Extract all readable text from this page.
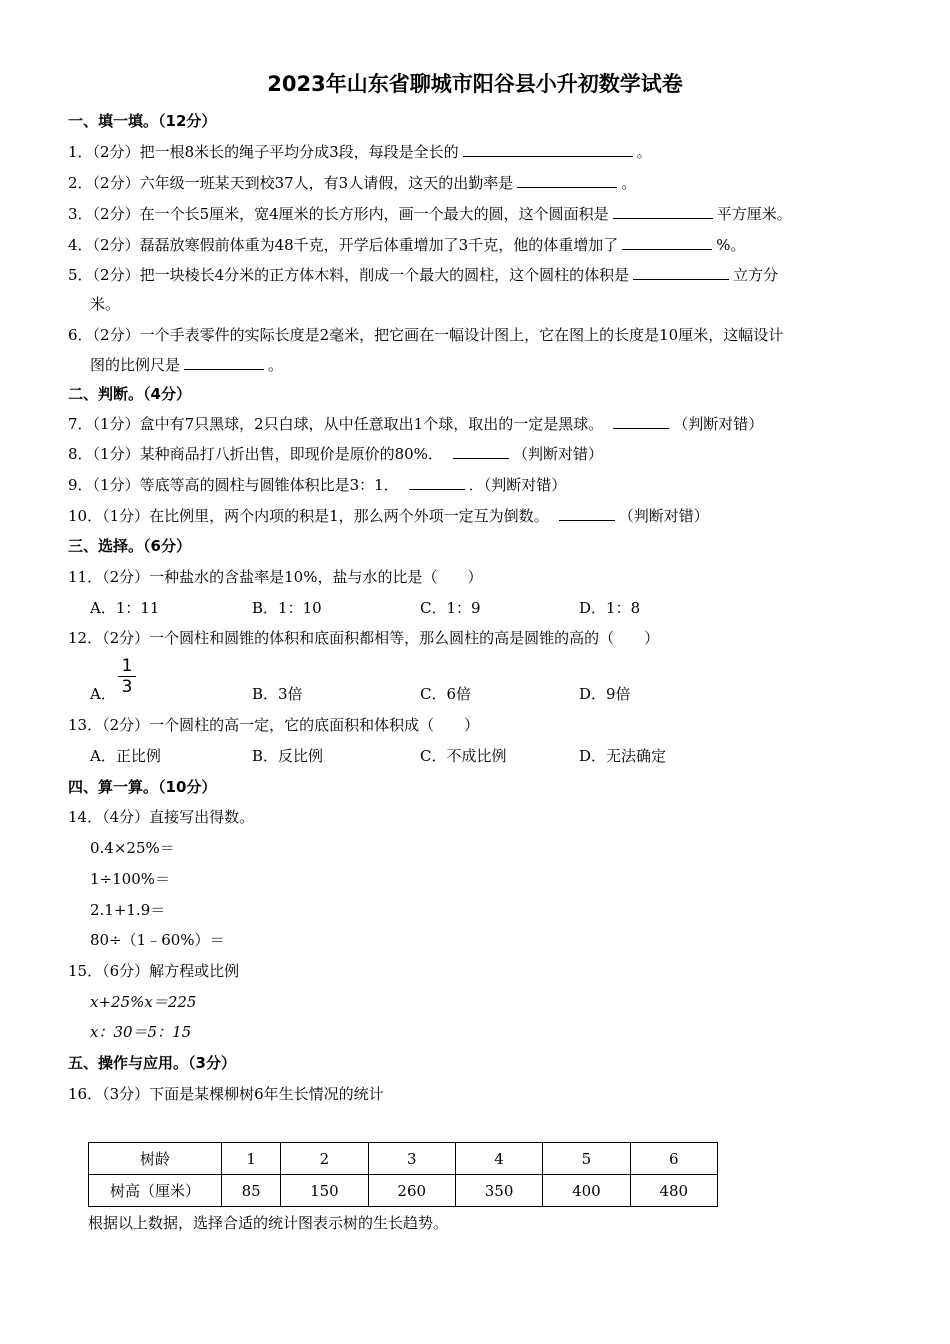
2023年山东省聊城市阳谷县小升初数学试卷
一、填一填。（12分）
1．（2分）把一根8米长的绳子平均分成3段，每段是全长的	。
2．（2分）六年级一班某天到校37人，有3人请假，这天的出勤率是	。
3．（2分）在一个长5厘米，宽4厘米的长方形内，画一个最大的圆，这个圆面积是	平方厘米。
4．（2分）磊磊放寒假前体重为48千克，开学后体重增加了3千克，他的体重增加了	%。
5．（2分）把一块棱长4分米的正方体木料，削成一个最大的圆柱，这个圆柱的体积是	立方分
米。
6．（2分）一个手表零件的实际长度是2毫米，把它画在一幅设计图上，它在图上的长度是10厘米，这幅设计
图的比例尺是	。
二、判断。（4分）
7．（1分）盒中有7只黑球，2只白球，从中任意取出1个球，取出的一定是黑球。	（判断对错）
8．（1分）某种商品打八折出售，即现价是原价的80%．	（判断对错）
9．（1分）等底等高的圆柱与圆锥体积比是3：1．	．（判断对错）
10．（1分）在比例里，两个内项的积是1，那么两个外项一定互为倒数。	（判断对错）
三、选择。（6分）
11．（2分）一种盐水的含盐率是10%，盐与水的比是（　　）
A．1：11	B．1：10	C．1：9	D．1：8
12．（2分）一个圆柱和圆锥的体积和底面积都相等，那么圆柱的高是圆锥的高的（　　）
A．
1
3	B．3倍	C．6倍	D．9倍
13．（2分）一个圆柱的高一定，它的底面积和体积成（　　）
A．正比例	B．反比例	C．不成比例	D．无法确定
四、算一算。（10分）
14．（4分）直接写出得数。
0.4×25%＝
1÷100%＝
2.1+1.9＝
80÷（1﹣60%）＝
15．（6分）解方程或比例
x+25%x＝225
x：30＝5：15
五、操作与应用。（3分）
16．（3分）下面是某棵柳树6年生长情况的统计
树龄	1	2	3	4	5	6
树高（厘米）	85	150	260	350	400	480
根据以上数据，选择合适的统计图表示树的生长趋势。
